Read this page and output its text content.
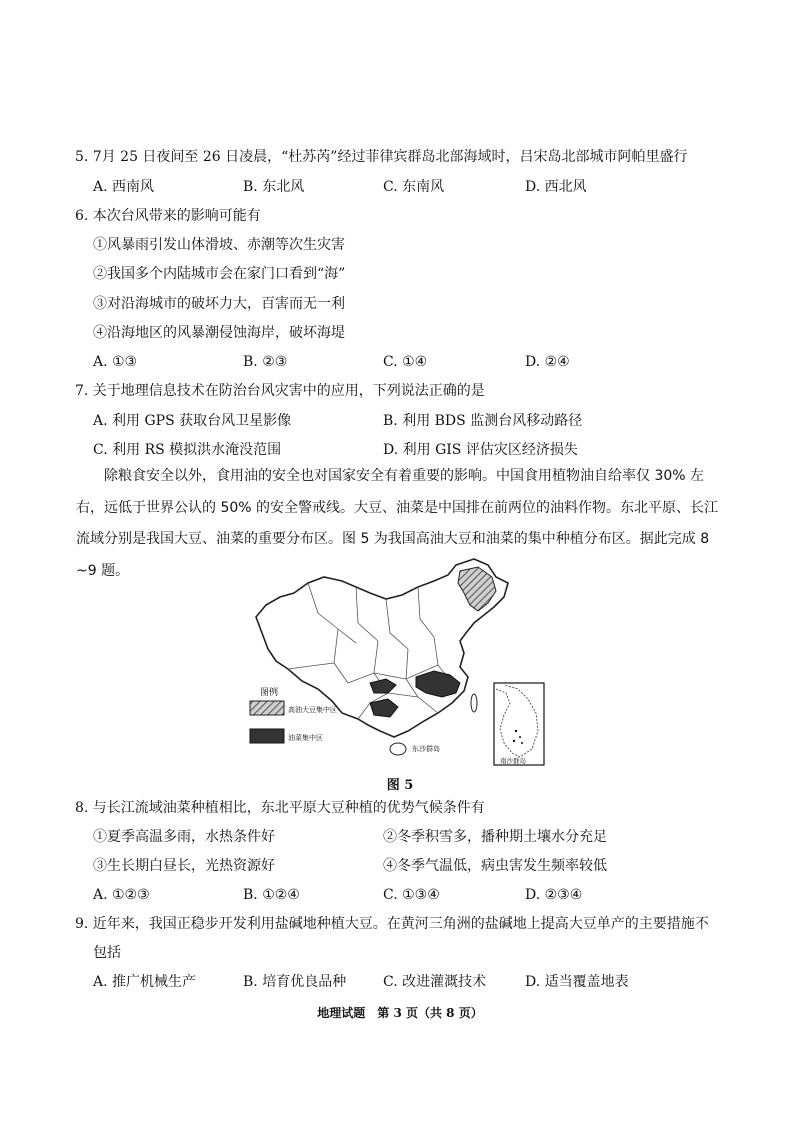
5. 7月 25 日夜间至 26 日凌晨，“杜苏芮”经过菲律宾群岛北部海域时，吕宋岛北部城市阿帕里盛行
A. 西南风	B. 东北风	C. 东南风	D. 西北风
6. 本次台风带来的影响可能有
①风暴雨引发山体滑坡、赤潮等次生灾害
②我国多个内陆城市会在家门口看到“海”
③对沿海城市的破坏力大，百害而无一利
④沿海地区的风暴潮侵蚀海岸，破坏海堤
A. ①③	B. ②③	C. ①④	D. ②④
7. 关于地理信息技术在防治台风灾害中的应用，下列说法正确的是
A. 利用 GPS 获取台风卫星影像	B. 利用 BDS 监测台风移动路径
C. 利用 RS 模拟洪水淹没范围	D. 利用 GIS 评估灾区经济损失
除粮食安全以外，食用油的安全也对国家安全有着重要的影响。中国食用植物油自给率仅 30% 左右，远低于世界公认的 50% 的安全警戒线。大豆、油菜是中国排在前两位的油料作物。东北平原、长江流域分别是我国大豆、油菜的重要分布区。图 5 为我国高油大豆和油菜的集中种植分布区。据此完成 8 ~9 题。
图例
高油大豆集中区
油菜集中区
东沙群岛
南沙群岛
图 5
8. 与长江流域油菜种植相比，东北平原大豆种植的优势气候条件有
①夏季高温多雨，水热条件好	②冬季积雪多，播种期土壤水分充足
③生长期白昼长，光热资源好	④冬季气温低，病虫害发生频率较低
A. ①②③	B. ①②④	C. ①③④	D. ②③④
9. 近年来，我国正稳步开发利用盐碱地种植大豆。在黄河三角洲的盐碱地上提高大豆单产的主要措施不
包括
A. 推广机械生产	B. 培育优良品种	C. 改进灌溉技术	D. 适当覆盖地表
地理试题　第 3 页（共 8 页）
